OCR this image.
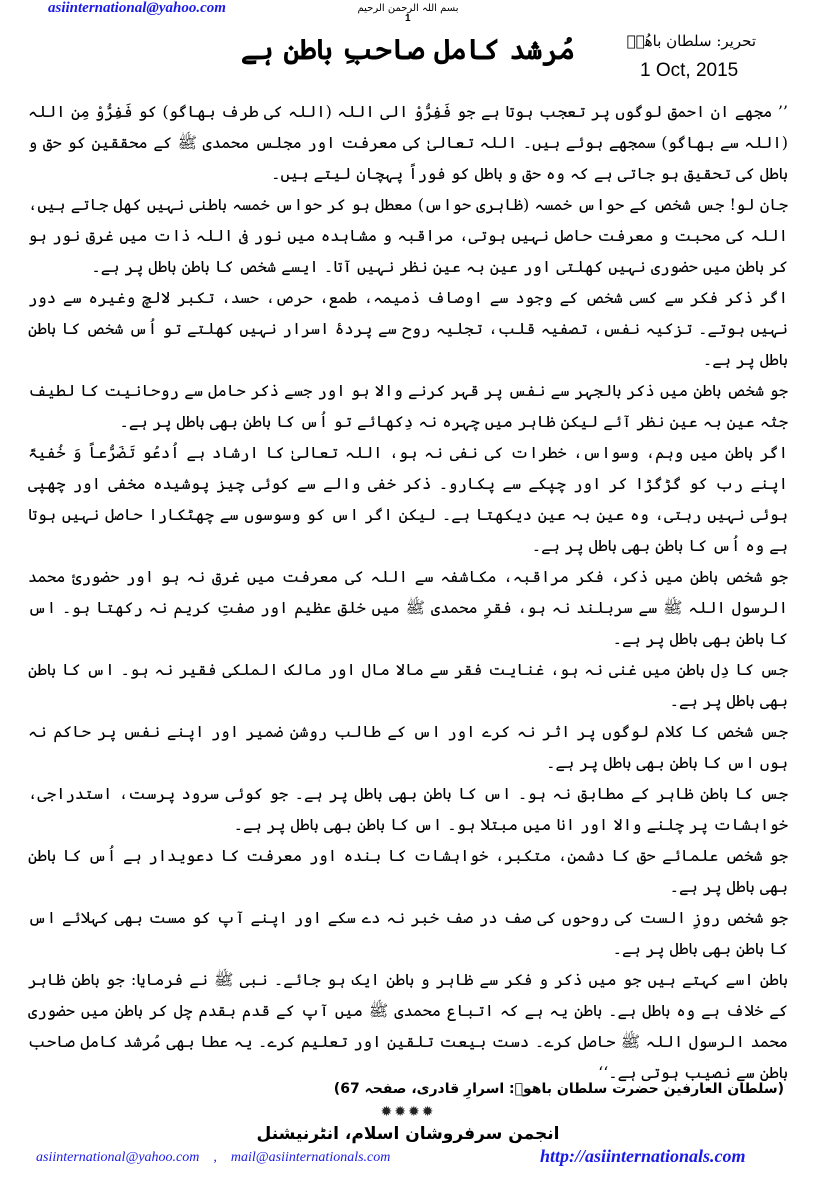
asiinternational@yahoo.com	بسم اللہ الرحمن الرحیم
1
مُرشد کامل صاحبِ باطن ہے	تحریر: سلطان باھُوؒ
1 Oct, 2015

’’ مجھے ان احمق لوگوں پر تعجب ہوتا ہے جو فَفِرُّوْ الی اللہ (اللہ کی طرف بھاگو) کو فَفِرُّوْ مِن اللہ (اللہ سے بھاگو) سمجھے ہوئے ہیں۔ اللہ تعالیٰ کی معرفت اور مجلس محمدی ﷺ کے محققین کو حق و باطل کی تحقیق ہو جاتی ہے کہ وہ حق و باطل کو فوراً پہچان لیتے ہیں۔

جان لو! جس شخص کے حواس خمسہ (ظاہری حواس) معطل ہو کر حواس خمسہ باطنی نہیں کھل جاتے ہیں، اللہ کی محبت و معرفت حاصل نہیں ہوتی، مراقبہ و مشاہدہ میں نور فی اللہ ذات میں غرق نور ہو کر باطن میں حضوری نہیں کھلتی اور عین بہ عین نظر نہیں آتا۔ ایسے شخص کا باطن باطل پر ہے۔

اگر ذکر فکر سے کسی شخص کے وجود سے اوصاف ذمیمہ، طمع، حرص، حسد، تکبر لالچ وغیرہ سے دور نہیں ہوتے۔ تزکیہ نفس، تصفیہ قلب، تجلیہ روح سے پردۂ اسرار نہیں کھلتے تو اُس شخص کا باطن باطل پر ہے۔

جو شخص باطن میں ذکر بالجہر سے نفس پر قہر کرنے والا ہو اور جسے ذکر حامل سے روحانیت کا لطیف جثہ عین بہ عین نظر آئے لیکن ظاہر میں چہرہ نہ دِکھائے تو اُس کا باطن بھی باطل پر ہے۔

اگر باطن میں وہم، وسواس، خطرات کی نفی نہ ہو، اللہ تعالیٰ کا ارشاد ہے اُدعُو تَضَرُّعاً وَ خُفیۃً اپنے رب کو گڑگڑا کر اور چپکے سے پکارو۔ ذکر خفی والے سے کوئی چیز پوشیدہ مخفی اور چھپی ہوئی نہیں رہتی، وہ عین بہ عین دیکھتا ہے۔ لیکن اگر اس کو وسوسوں سے چھٹکارا حاصل نہیں ہوتا ہے وہ اُس کا باطن بھی باطل پر ہے۔

جو شخص باطن میں ذکر، فکر مراقبہ، مکاشفہ سے اللہ کی معرفت میں غرق نہ ہو اور حضوریٔ محمد الرسول اللہ ﷺ سے سربلند نہ ہو، فقرِ محمدی ﷺ میں خلق عظیم اور صفتِ کریم نہ رکھتا ہو۔ اس کا باطن بھی باطل پر ہے۔

جس کا دِل باطن میں غنی نہ ہو، غنایت فقر سے مالا مال اور مالک الملکی فقیر نہ ہو۔ اس کا باطن بھی باطل پر ہے۔

جس شخص کا کلام لوگوں پر اثر نہ کرے اور اس کے طالب روشن ضمیر اور اپنے نفس پر حاکم نہ ہوں اس کا باطن بھی باطل پر ہے۔

جس کا باطن ظاہر کے مطابق نہ ہو۔ اس کا باطن بھی باطل پر ہے۔ جو کوئی سرود پرست، استدراجی، خواہشات پر چلنے والا اور انا میں مبتلا ہو۔ اس کا باطن بھی باطل پر ہے۔

جو شخص علمائے حق کا دشمن، متکبر، خواہشات کا بندہ اور معرفت کا دعویدار ہے اُس کا باطن بھی باطل پر ہے۔

جو شخص روزِ الست کی روحوں کی صف در صف خبر نہ دے سکے اور اپنے آپ کو مست بھی کہلائے اس کا باطن بھی باطل پر ہے۔

باطن اسے کہتے ہیں جو میں ذکر و فکر سے ظاہر و باطن ایک ہو جائے۔ نبی ﷺ نے فرمایا: جو باطن ظاہر کے خلاف ہے وہ باطل ہے۔ باطن یہ ہے کہ اتباع محمدی ﷺ میں آپ کے قدم بقدم چل کر باطن میں حضوری محمد الرسول اللہ ﷺ حاصل کرے۔ دست بیعت تلقین اور تعلیم کرے۔ یہ عطا بھی مُرشد کامل صاحب باطن سے نصیب ہوتی ہے۔‘‘

(سلطان العارفین حضرت سلطان باھوؒ: اسرارِ قادری، صفحہ 67)
✹✹✹✹
انجمن سرفروشان اسلام، انٹرنیشنل
asiinternational@yahoo.com , mail@asiinternationals.com	http://asiinternationals.com
